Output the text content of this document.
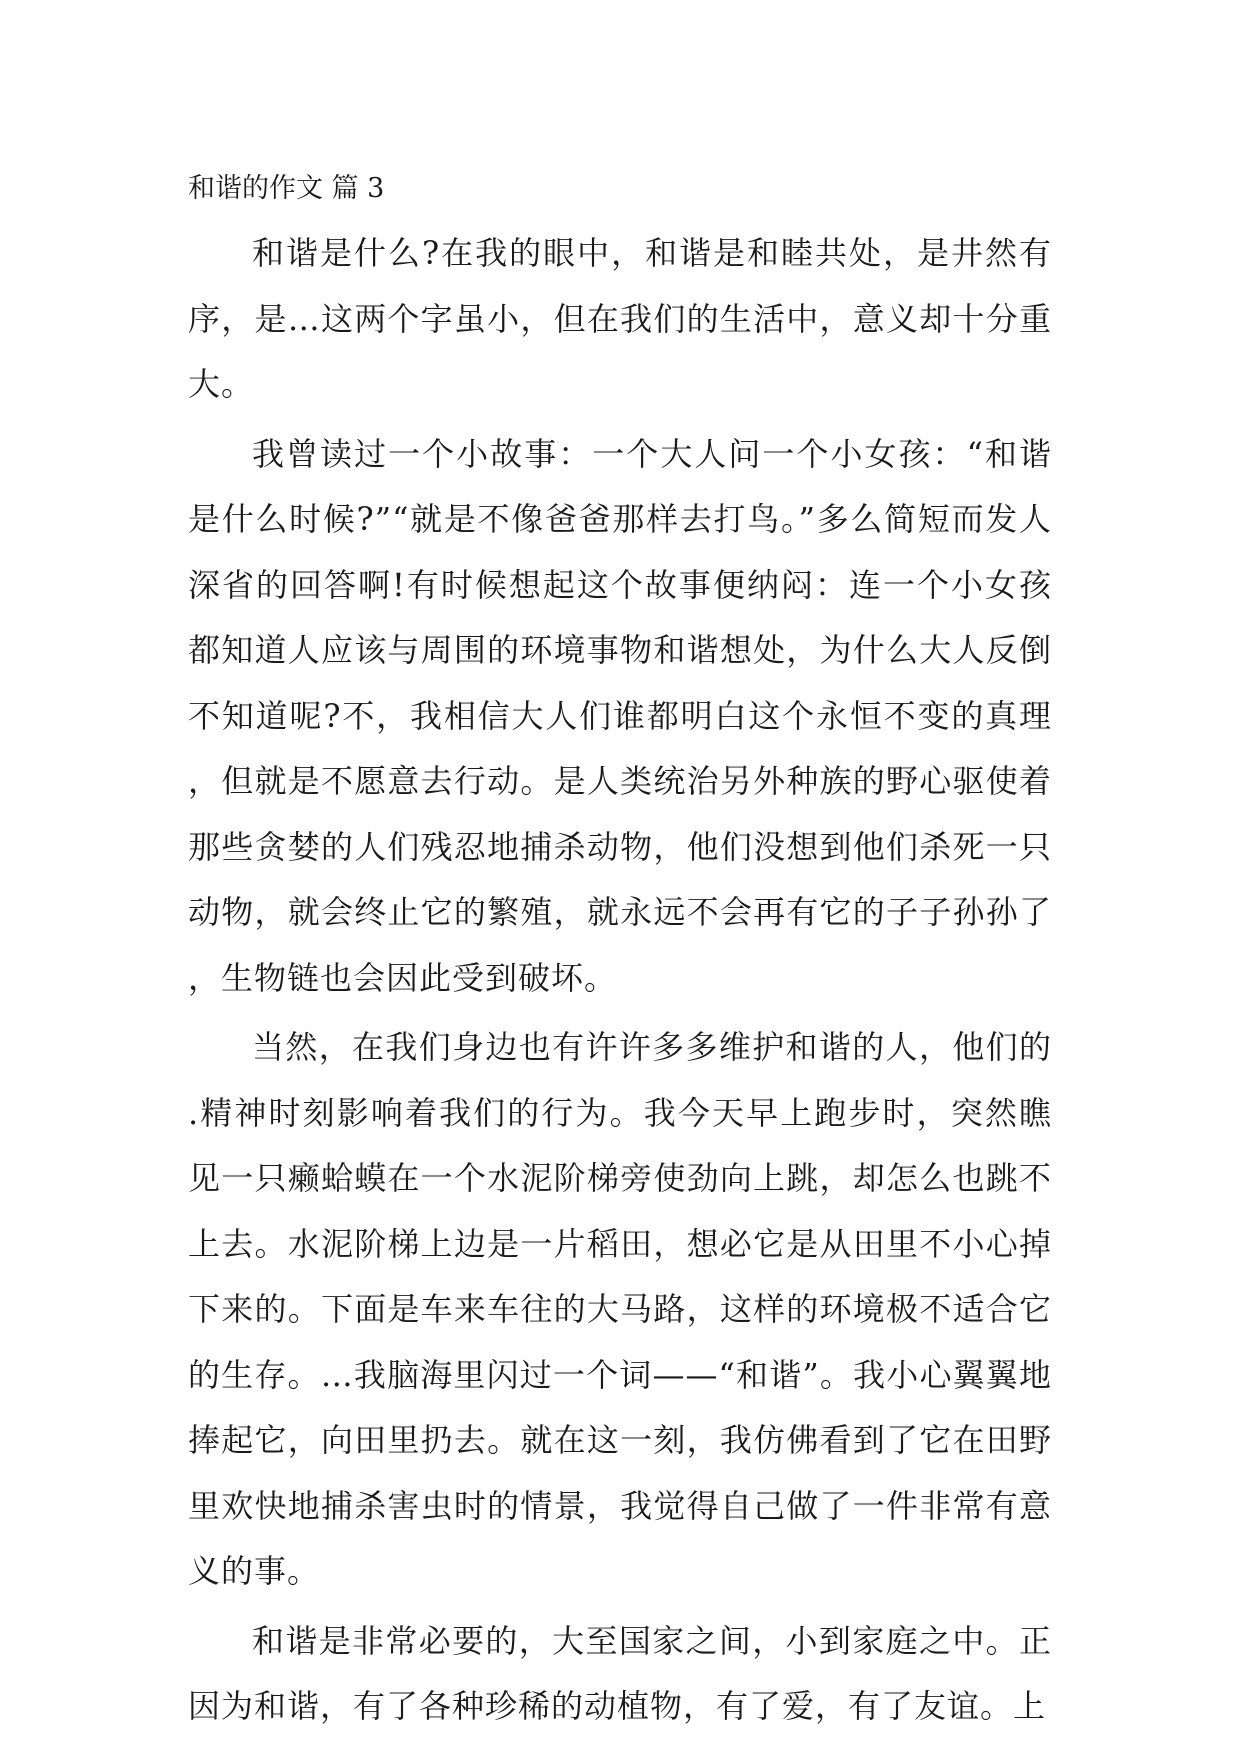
和谐的作文 篇 3

和谐是什么?在我的眼中，和谐是和睦共处，是井然有序，是…这两个字虽小，但在我们的生活中，意义却十分重大。

我曾读过一个小故事：一个大人问一个小女孩：“和谐是什么时候?”“就是不像爸爸那样去打鸟。”多么简短而发人深省的回答啊!有时候想起这个故事便纳闷：连一个小女孩都知道人应该与周围的环境事物和谐想处，为什么大人反倒不知道呢?不，我相信大人们谁都明白这个永恒不变的真理，但就是不愿意去行动。是人类统治另外种族的野心驱使着那些贪婪的人们残忍地捕杀动物，他们没想到他们杀死一只动物，就会终止它的繁殖，就永远不会再有它的子子孙孙了，生物链也会因此受到破坏。

当然，在我们身边也有许许多多维护和谐的人，他们的.精神时刻影响着我们的行为。我今天早上跑步时，突然瞧见一只癞蛤蟆在一个水泥阶梯旁使劲向上跳，却怎么也跳不上去。水泥阶梯上边是一片稻田，想必它是从田里不小心掉下来的。下面是车来车往的大马路，这样的环境极不适合它的生存。…我脑海里闪过一个词——“和谐”。我小心翼翼地捧起它，向田里扔去。就在这一刻，我仿佛看到了它在田野里欢快地捕杀害虫时的情景，我觉得自己做了一件非常有意义的事。

和谐是非常必要的，大至国家之间，小到家庭之中。正因为和谐，有了各种珍稀的动植物，有了爱，有了友谊。上
